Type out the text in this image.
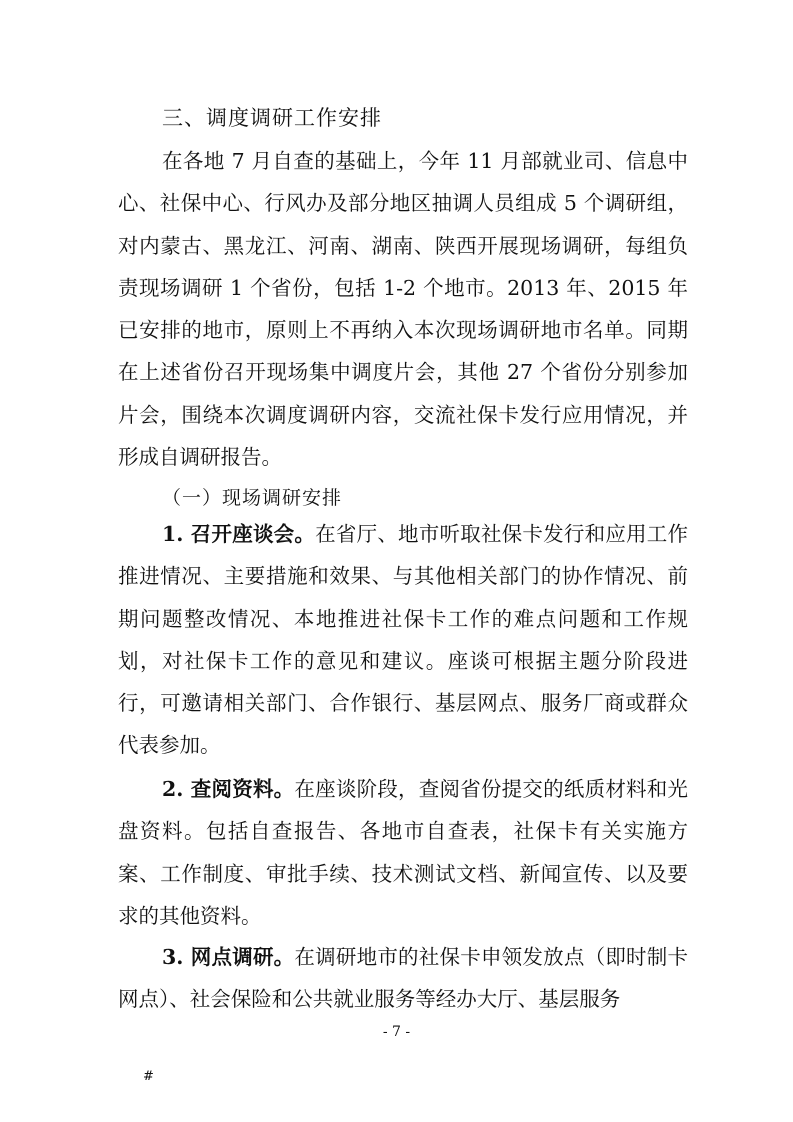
三、调度调研工作安排
在各地 7 月自查的基础上，今年 11 月部就业司、信息中心、社保中心、行风办及部分地区抽调人员组成 5 个调研组，对内蒙古、黑龙江、河南、湖南、陕西开展现场调研，每组负责现场调研 1 个省份，包括 1-2 个地市。2013 年、2015 年已安排的地市，原则上不再纳入本次现场调研地市名单。同期在上述省份召开现场集中调度片会，其他 27 个省份分别参加片会，围绕本次调度调研内容，交流社保卡发行应用情况，并形成自调研报告。
（一）现场调研安排
1. 召开座谈会。在省厅、地市听取社保卡发行和应用工作推进情况、主要措施和效果、与其他相关部门的协作情况、前期问题整改情况、本地推进社保卡工作的难点问题和工作规划，对社保卡工作的意见和建议。座谈可根据主题分阶段进行，可邀请相关部门、合作银行、基层网点、服务厂商或群众代表参加。
2. 查阅资料。在座谈阶段，查阅省份提交的纸质材料和光盘资料。包括自查报告、各地市自查表，社保卡有关实施方案、工作制度、审批手续、技术测试文档、新闻宣传、以及要求的其他资料。
3. 网点调研。在调研地市的社保卡申领发放点（即时制卡网点）、社会保险和公共就业服务等经办大厅、基层服务
- 7 -
#
